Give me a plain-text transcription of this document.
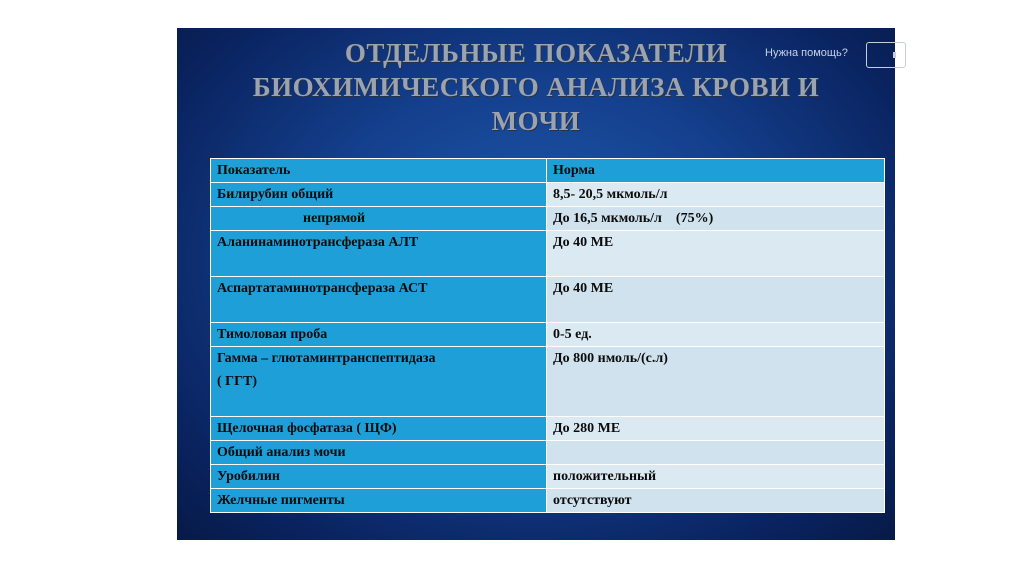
ОТДЕЛЬНЫЕ ПОКАЗАТЕЛИ
БИОХИМИЧЕСКОГО АНАЛИЗА КРОВИ И
МОЧИ
Нужна помощь?
Показатель	Норма
Билирубин общий	8,5- 20,5 мкмоль/л
непрямой	До 16,5 мкмоль/л    (75%)
Аланинаминотрансфераза АЛТ	До 40 МЕ
Аспартатаминотрансфераза АСТ	До 40 МЕ
Тимоловая проба	0-5 ед.

Гамма – глютаминтранспептидаза
( ГГТ)	До 800 нмоль/(с.л)
Щелочная фосфатаза ( ЩФ)	До 280 МЕ
Общий анализ мочи	
Уробилин	положительный
Желчные пигменты	отсутствуют
